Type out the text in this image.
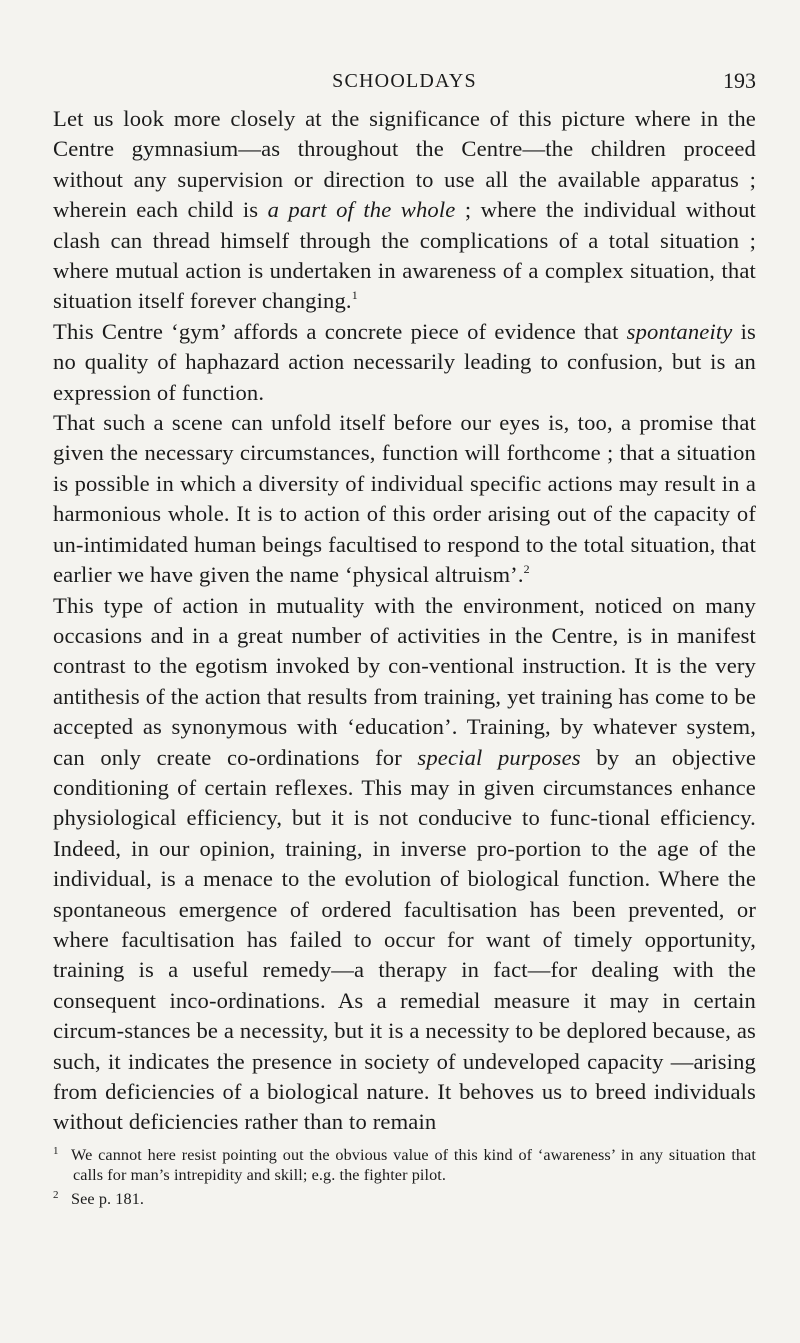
SCHOOLDAYS	193

Let us look more closely at the significance of this picture where in the Centre gymnasium—as throughout the Centre—the children proceed without any supervision or direction to use all the available apparatus ; wherein each child is a part of the whole ; where the individual without clash can thread himself through the complications of a total situation ; where mutual action is undertaken in awareness of a complex situation, that situation itself forever changing.$^1$

This Centre ‘gym’ affords a concrete piece of evidence that spontaneity is no quality of haphazard action necessarily leading to confusion, but is an expression of function.

That such a scene can unfold itself before our eyes is, too, a promise that given the necessary circumstances, function will forthcome ; that a situation is possible in which a diversity of individual specific actions may result in a harmonious whole. It is to action of this order arising out of the capacity of un-intimidated human beings facultised to respond to the total situation, that earlier we have given the name ‘physical altruism’.$^2$

This type of action in mutuality with the environment, noticed on many occasions and in a great number of activities in the Centre, is in manifest contrast to the egotism invoked by con-ventional instruction. It is the very antithesis of the action that results from training, yet training has come to be accepted as synonymous with ‘education’. Training, by whatever system, can only create co-ordinations for special purposes by an objective conditioning of certain reflexes. This may in given circumstances enhance physiological efficiency, but it is not conducive to func-tional efficiency. Indeed, in our opinion, training, in inverse pro-portion to the age of the individual, is a menace to the evolution of biological function. Where the spontaneous emergence of ordered facultisation has been prevented, or where facultisation has failed to occur for want of timely opportunity, training is a useful remedy—a therapy in fact—for dealing with the consequent inco-ordinations. As a remedial measure it may in certain circum-stances be a necessity, but it is a necessity to be deplored because, as such, it indicates the presence in society of undeveloped capacity —arising from deficiencies of a biological nature. It behoves us to breed individuals without deficiencies rather than to remain

1 We cannot here resist pointing out the obvious value of this kind of ‘awareness’ in any situation that calls for man’s intrepidity and skill; e.g. the fighter pilot.

2 See p. 181.
